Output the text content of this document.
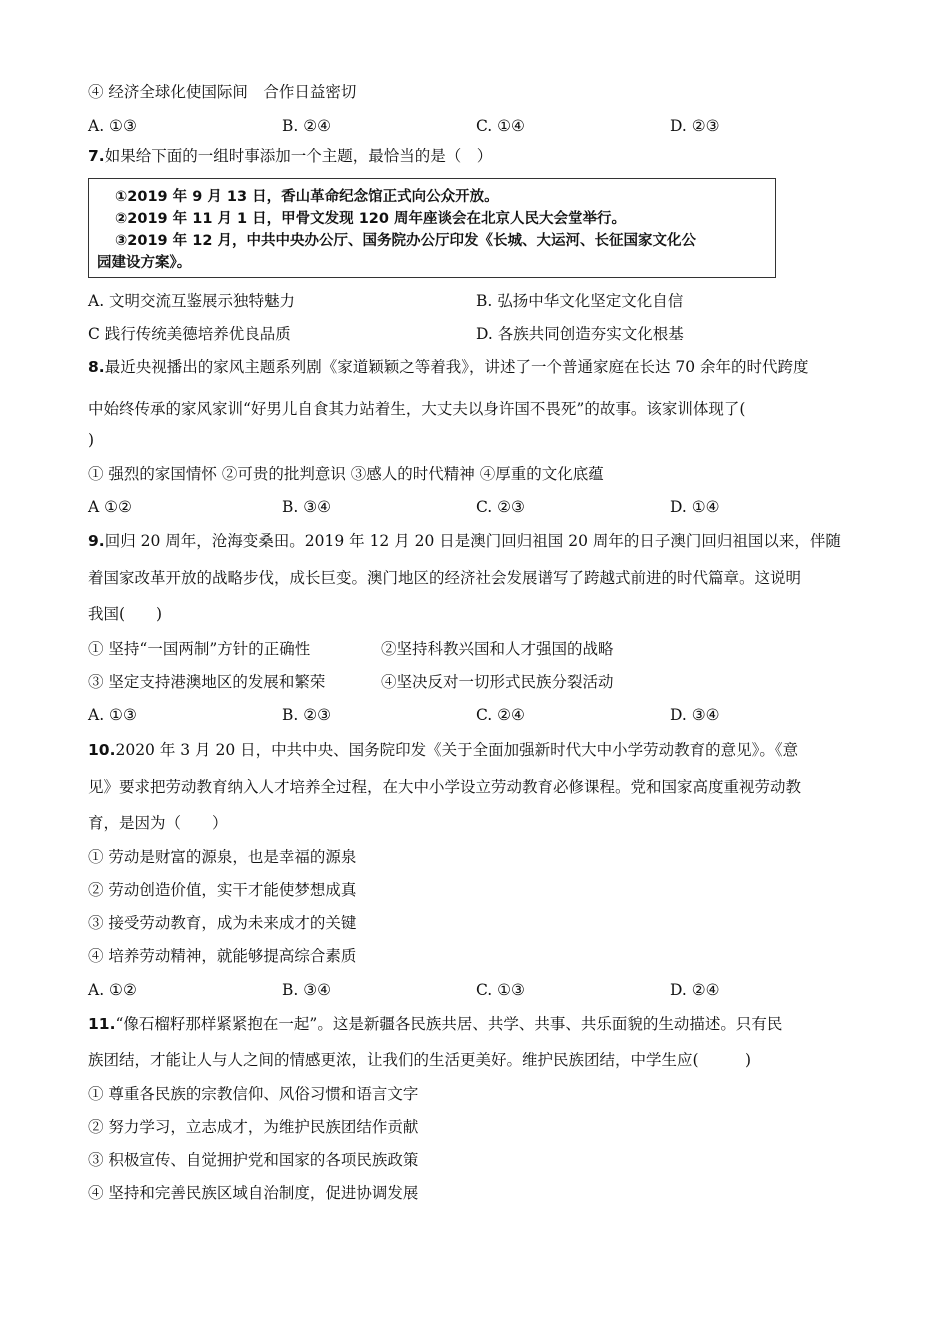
④ 经济全球化使国际间　合作日益密切
A. ①③	B. ②④	C. ①④	D. ②③
7.如果给下面的一组时事添加一个主题，最恰当的是（　）
①2019 年 9 月 13 日，香山革命纪念馆正式向公众开放。
②2019 年 11 月 1 日，甲骨文发现 120 周年座谈会在北京人民大会堂举行。
③2019 年 12 月，中共中央办公厅、国务院办公厅印发《长城、大运河、长征国家文化公
园建设方案》。
A. 文明交流互鉴展示独特魅力	B. 弘扬中华文化坚定文化自信
C 践行传统美德培养优良品质	D. 各族共同创造夯实文化根基
8.最近央视播出的家风主题系列剧《家道颖颖之等着我》，讲述了一个普通家庭在长达 70 余年的时代跨度
中始终传承的家风家训“好男儿自食其力站着生，大丈夫以身许国不畏死”的故事。该家训体现了(
)
① 强烈的家国情怀 ②可贵的批判意识 ③感人的时代精神 ④厚重的文化底蕴
A ①②	B. ③④	C. ②③	D. ①④
9.回归 20 周年，沧海变桑田。2019 年 12 月 20 日是澳门回归祖国 20 周年的日子澳门回归祖国以来，伴随
着国家改革开放的战略步伐，成长巨变。澳门地区的经济社会发展谱写了跨越式前进的时代篇章。这说明
我国(　　)
① 坚持“一国两制”方针的正确性	②坚持科教兴国和人才强国的战略
③ 坚定支持港澳地区的发展和繁荣	④坚决反对一切形式民族分裂活动
A. ①③	B. ②③	C. ②④	D. ③④
10.2020 年 3 月 20 日，中共中央、国务院印发《关于全面加强新时代大中小学劳动教育的意见》。《意
见》要求把劳动教育纳入人才培养全过程，在大中小学设立劳动教育必修课程。党和国家高度重视劳动教
育，是因为（　　）
① 劳动是财富的源泉，也是幸福的源泉
② 劳动创造价值，实干才能使梦想成真
③ 接受劳动教育，成为未来成才的关键
④ 培养劳动精神，就能够提高综合素质
A. ①②	B. ③④	C. ①③	D. ②④
11.“像石榴籽那样紧紧抱在一起”。这是新疆各民族共居、共学、共事、共乐面貌的生动描述。只有民
族团结，才能让人与人之间的情感更浓，让我们的生活更美好。维护民族团结，中学生应(　　　)
① 尊重各民族的宗教信仰、风俗习惯和语言文字
② 努力学习，立志成才，为维护民族团结作贡献
③ 积极宣传、自觉拥护党和国家的各项民族政策
④ 坚持和完善民族区域自治制度，促进协调发展
